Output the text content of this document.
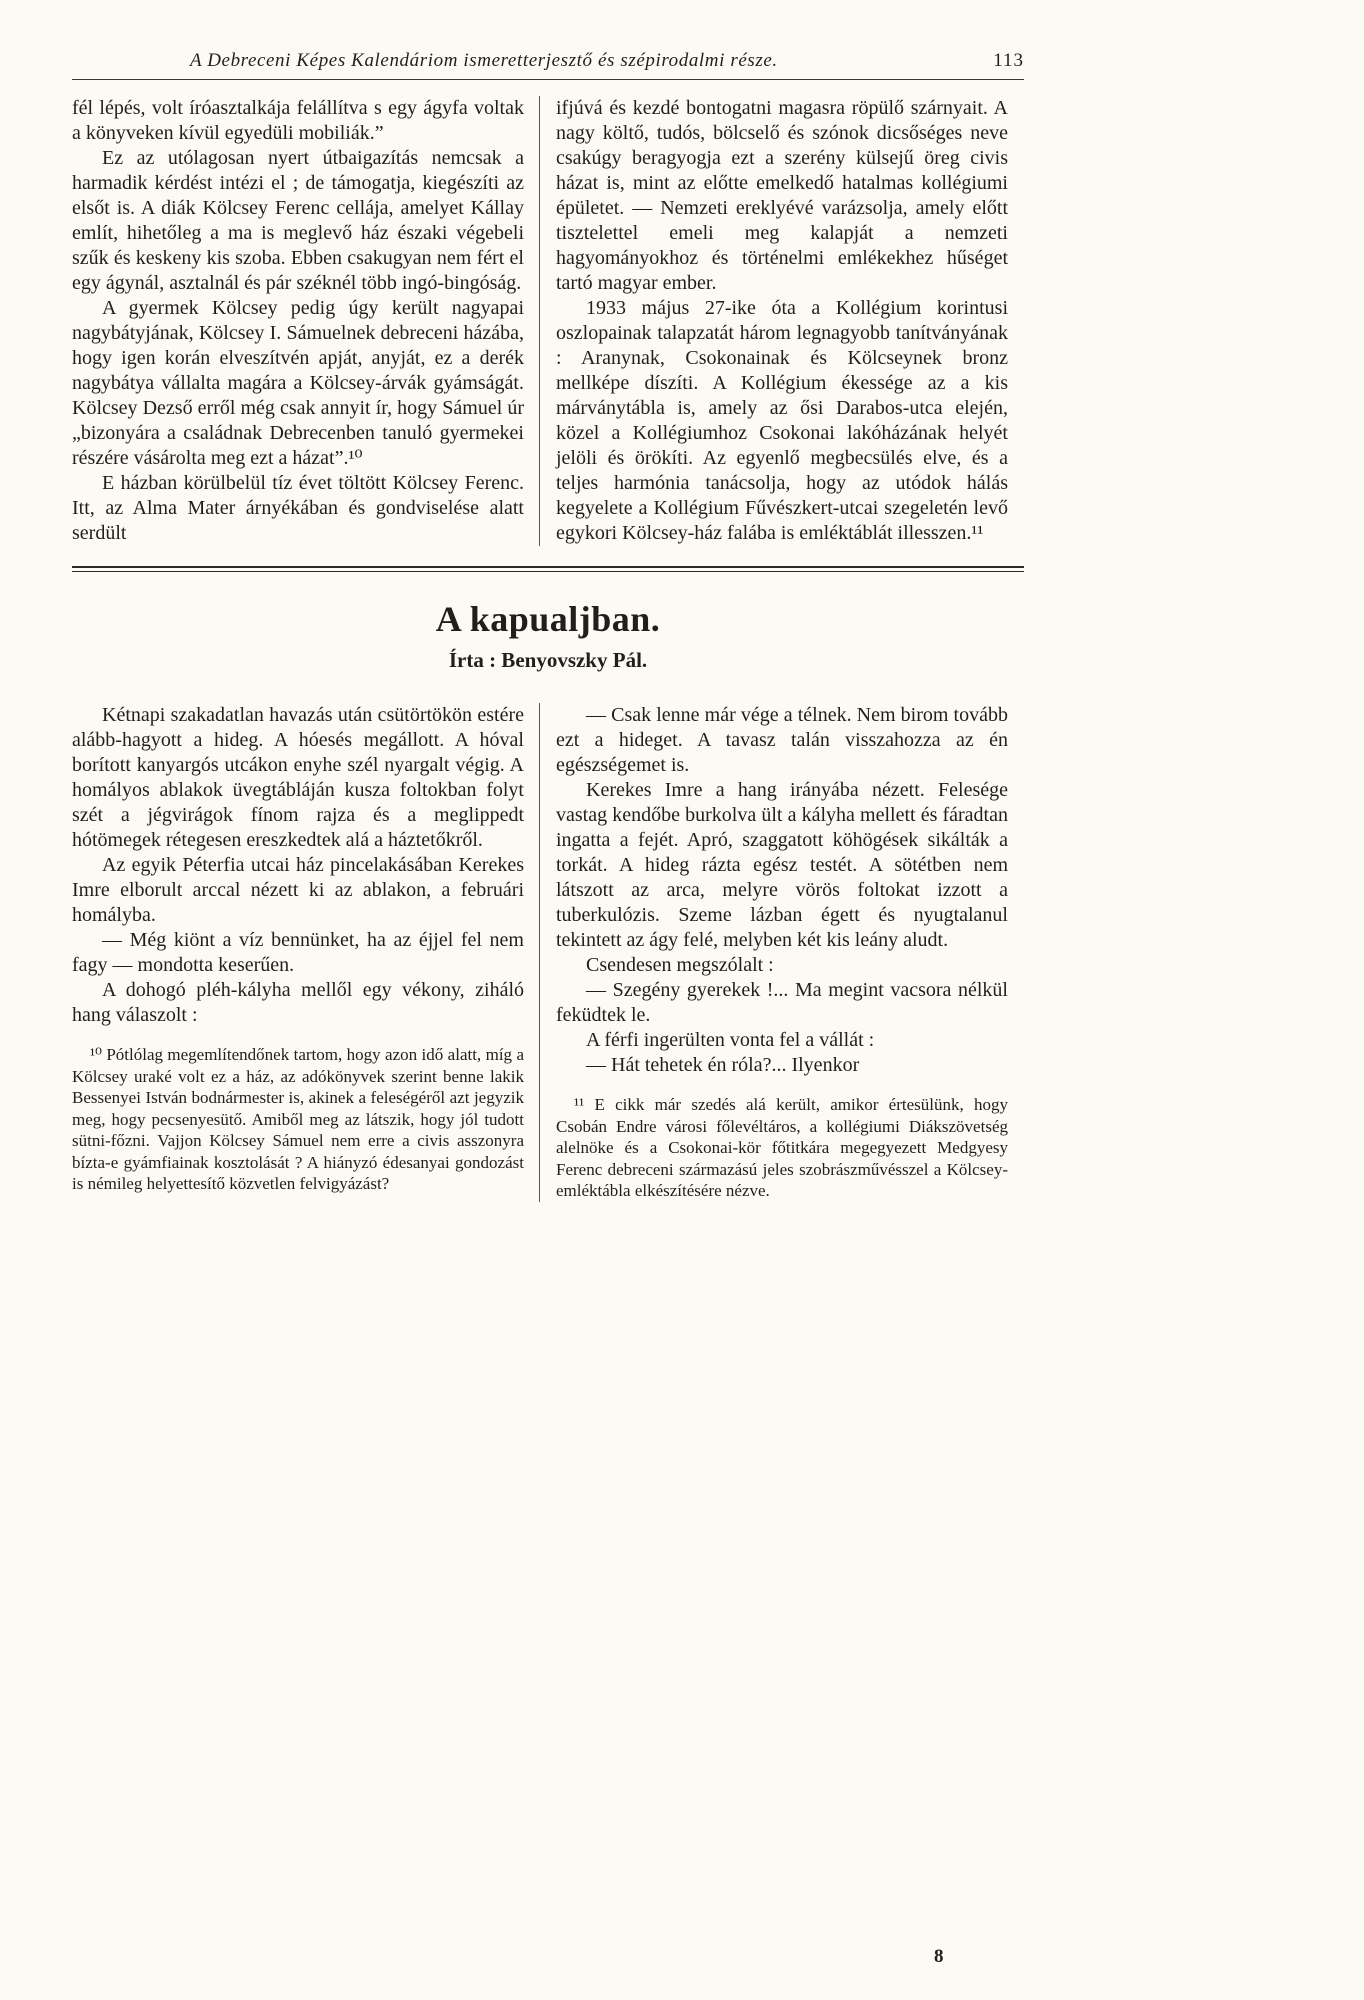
A Debreceni Képes Kalendáriom ismeretterjesztő és szépirodalmi része.	113

fél lépés, volt íróasztalkája felállítva s egy ágyfa voltak a könyveken kívül egyedüli mobiliák.”

Ez az utólagosan nyert útbaigazítás nemcsak a harmadik kérdést intézi el ; de támogatja, kiegészíti az elsőt is. A diák Kölcsey Ferenc cellája, amelyet Kállay említ, hihetőleg a ma is meglevő ház északi végebeli szűk és keskeny kis szoba. Ebben csakugyan nem fért el egy ágynál, asztalnál és pár széknél több ingó-bingóság.

A gyermek Kölcsey pedig úgy került nagyapai nagybátyjának, Kölcsey I. Sámuelnek debreceni házába, hogy igen korán elveszítvén apját, anyját, ez a derék nagybátya vállalta magára a Kölcsey-árvák gyámságát. Kölcsey Dezső erről még csak annyit ír, hogy Sámuel úr „bizonyára a családnak Debrecenben tanuló gyermekei részére vásárolta meg ezt a házat”.¹⁰

E házban körülbelül tíz évet töltött Kölcsey Ferenc. Itt, az Alma Mater árnyékában és gondviselése alatt serdült

ifjúvá és kezdé bontogatni magasra röpülő szárnyait. A nagy költő, tudós, bölcselő és szónok dicsőséges neve csakúgy beragyogja ezt a szerény külsejű öreg civis házat is, mint az előtte emelkedő hatalmas kollégiumi épületet. — Nemzeti ereklyévé varázsolja, amely előtt tisztelettel emeli meg kalapját a nemzeti hagyományokhoz és történelmi emlékekhez hűséget tartó magyar ember.

1933 május 27-ike óta a Kollégium korintusi oszlopainak talapzatát három legnagyobb tanítványának : Aranynak, Csokonainak és Kölcseynek bronz mellképe díszíti. A Kollégium ékessége az a kis márványtábla is, amely az ősi Darabos-utca elején, közel a Kollégiumhoz Csokonai lakóházának helyét jelöli és örökíti. Az egyenlő megbecsülés elve, és a teljes harmónia tanácsolja, hogy az utódok hálás kegyelete a Kollégium Fűvészkert-utcai szegeletén levő egykori Kölcsey-ház falába is emléktáblát illesszen.¹¹

A kapualjban.
Írta : Benyovszky Pál.

Kétnapi szakadatlan havazás után csütörtökön estére alább-hagyott a hideg. A hóesés megállott. A hóval borított kanyargós utcákon enyhe szél nyargalt végig. A homályos ablakok üvegtábláján kusza foltokban folyt szét a jégvirágok fínom rajza és a meglippedt hótömegek rétegesen ereszkedtek alá a háztetőkről.

Az egyik Péterfia utcai ház pincelakásában Kerekes Imre elborult arccal nézett ki az ablakon, a februári homályba.

— Még kiönt a víz bennünket, ha az éjjel fel nem fagy — mondotta keserűen.

A dohogó pléh-kályha mellől egy vékony, ziháló hang válaszolt :

¹⁰ Pótlólag megemlítendőnek tartom, hogy azon idő alatt, míg a Kölcsey uraké volt ez a ház, az adókönyvek szerint benne lakik Bessenyei István bodnármester is, akinek a feleségéről azt jegyzik meg, hogy pecsenyesütő. Amiből meg az látszik, hogy jól tudott sütni-főzni. Vajjon Kölcsey Sámuel nem erre a civis asszonyra bízta-e gyámfiainak kosztolását ? A hiányzó édesanyai gondozást is némileg helyettesítő közvetlen felvigyázást?

— Csak lenne már vége a télnek. Nem birom tovább ezt a hideget. A tavasz talán visszahozza az én egészségemet is.

Kerekes Imre a hang irányába nézett. Felesége vastag kendőbe burkolva ült a kályha mellett és fáradtan ingatta a fejét. Apró, szaggatott köhögések sikálták a torkát. A hideg rázta egész testét. A sötétben nem látszott az arca, melyre vörös foltokat izzott a tuberkulózis. Szeme lázban égett és nyugtalanul tekintett az ágy felé, melyben két kis leány aludt.

Csendesen megszólalt :

— Szegény gyerekek !... Ma megint vacsora nélkül feküdtek le.

A férfi ingerülten vonta fel a vállát :

— Hát tehetek én róla?... Ilyenkor

¹¹ E cikk már szedés alá került, amikor értesülünk, hogy Csobán Endre városi főlevéltáros, a kollégiumi Diákszövetség alelnöke és a Csokonai-kör főtitkára megegyezett Medgyesy Ferenc debreceni származású jeles szobrászművésszel a Kölcsey-emléktábla elkészítésére nézve.
8
